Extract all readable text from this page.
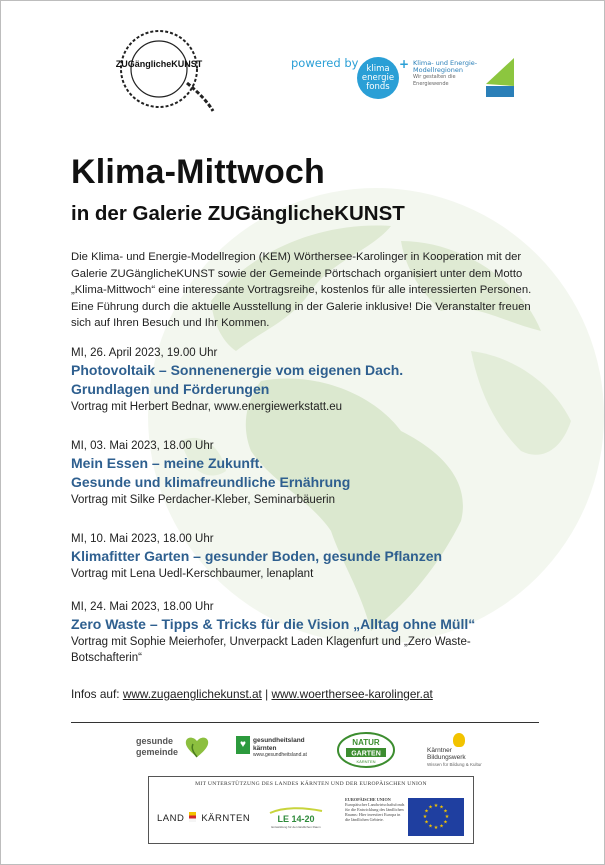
ZUGänglicheKUNST	powered by klima
energie
fonds
+ Klima- und Energie-Modellregionen
Wir gestalten die Energiewende
Klima-Mittwoch
in der Galerie ZUGänglicheKUNST
Die Klima- und Energie-Modellregion (KEM) Wörthersee-Karolinger in Kooperation mit der Galerie ZUGänglicheKUNST sowie der Gemeinde Pörtschach organisiert unter dem Motto „Klima-Mittwoch“ eine interessante Vortragsreihe, kostenlos für alle interessierten Personen. Eine Führung durch die aktuelle Ausstellung in der Galerie inklusive! Die Veranstalter freuen sich auf Ihren Besuch und Ihr Kommen.
MI, 26. April 2023, 19.00 Uhr
Photovoltaik – Sonnenenergie vom eigenen Dach.
Grundlagen und Förderungen
Vortrag mit Herbert Bednar, www.energiewerkstatt.eu
MI, 03. Mai 2023, 18.00 Uhr
Mein Essen – meine Zukunft.
Gesunde und klimafreundliche Ernährung
Vortrag mit Silke Perdacher-Kleber, Seminarbäuerin
MI, 10. Mai 2023, 18.00 Uhr
Klimafitter Garten – gesunder Boden, gesunde Pflanzen
Vortrag mit Lena Uedl-Kerschbaumer, lenaplant
MI, 24. Mai 2023, 18.00 Uhr
Zero Waste – Tipps & Tricks für die Vision „Alltag ohne Müll“
Vortrag mit Sophie Meierhofer, Unverpackt Laden Klagenfurt und „Zero Waste-
Botschafterin“
Infos auf: www.zugaenglichekunst.at | www.woerthersee-karolinger.at
gesunde
gemeinde
♥	gesundheitsland
kärnten
www.gesundheitsland.at
NATUR
GARTEN
KÄRNTEN
Kärntner
Bildungswerk
Wissen für Bildung & Kultur
MIT UNTERSTÜTZUNG DES LANDES KÄRNTEN UND DER EUROPÄISCHEN UNION
LAND KÄRNTEN	LE 14-20
Entwicklung für den ländlichen Raum
EUROPÄISCHE UNION
Europäischer Landwirtschaftsfonds für die Entwicklung des ländlichen Raums: Hier investiert Europa in die ländlichen Gebiete.
★ ★
★
★
★
★
★
★
★
★
★
★
